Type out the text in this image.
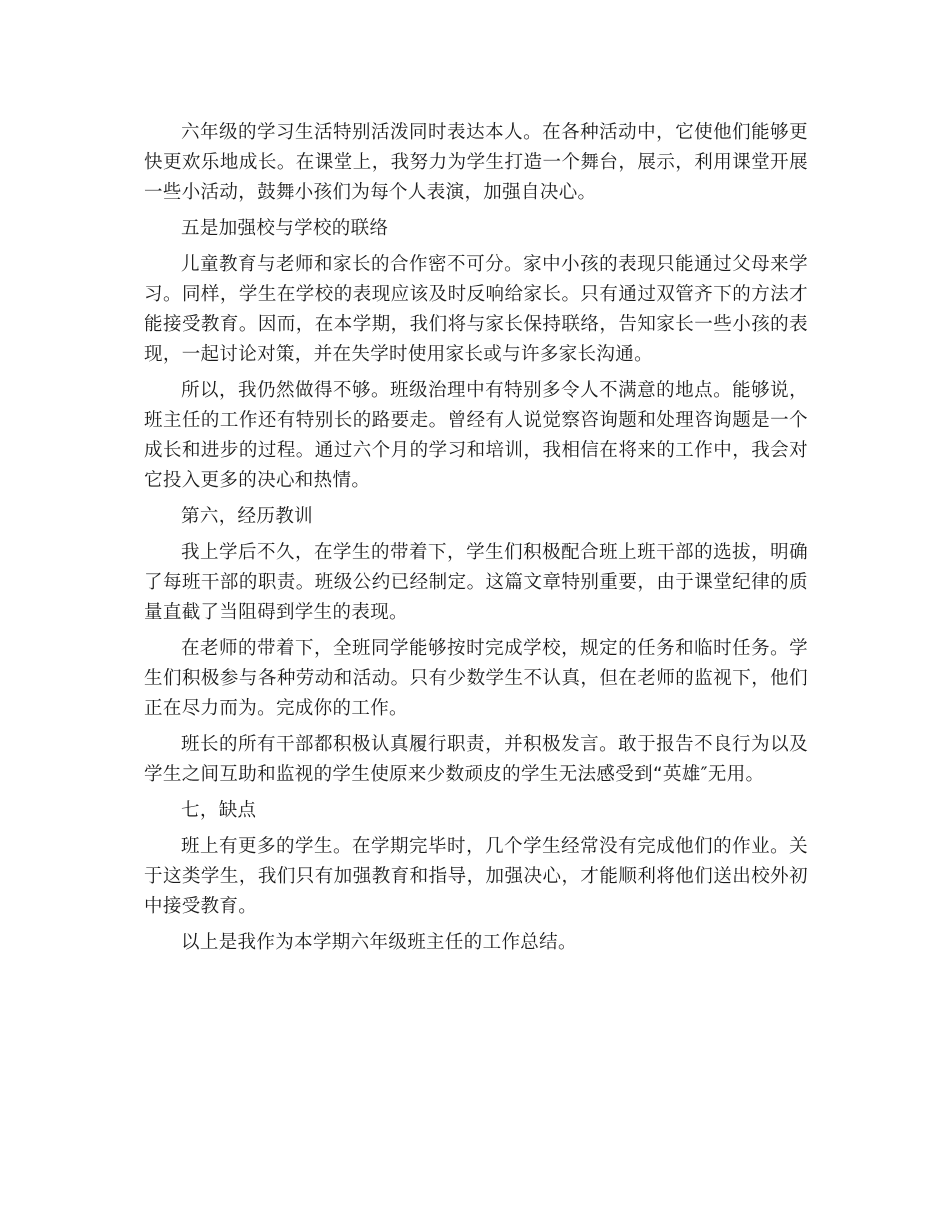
六年级的学习生活特别活泼同时表达本人。在各种活动中，它使他们能够更快更欢乐地成长。在课堂上，我努力为学生打造一个舞台，展示，利用课堂开展一些小活动，鼓舞小孩们为每个人表演，加强自决心。

五是加强校与学校的联络

儿童教育与老师和家长的合作密不可分。家中小孩的表现只能通过父母来学习。同样，学生在学校的表现应该及时反响给家长。只有通过双管齐下的方法才能接受教育。因而，在本学期，我们将与家长保持联络，告知家长一些小孩的表现，一起讨论对策，并在失学时使用家长或与许多家长沟通。

所以，我仍然做得不够。班级治理中有特别多令人不满意的地点。能够说，班主任的工作还有特别长的路要走。曾经有人说觉察咨询题和处理咨询题是一个成长和进步的过程。通过六个月的学习和培训，我相信在将来的工作中，我会对它投入更多的决心和热情。

第六，经历教训

我上学后不久，在学生的带着下，学生们积极配合班上班干部的选拔，明确了每班干部的职责。班级公约已经制定。这篇文章特别重要，由于课堂纪律的质量直截了当阻碍到学生的表现。

在老师的带着下，全班同学能够按时完成学校，规定的任务和临时任务。学生们积极参与各种劳动和活动。只有少数学生不认真，但在老师的监视下，他们正在尽力而为。完成你的工作。

班长的所有干部都积极认真履行职责，并积极发言。敢于报告不良行为以及学生之间互助和监视的学生使原来少数顽皮的学生无法感受到“英雄″无用。

七，缺点

班上有更多的学生。在学期完毕时，几个学生经常没有完成他们的作业。关于这类学生，我们只有加强教育和指导，加强决心，才能顺利将他们送出校外初中接受教育。

以上是我作为本学期六年级班主任的工作总结。
